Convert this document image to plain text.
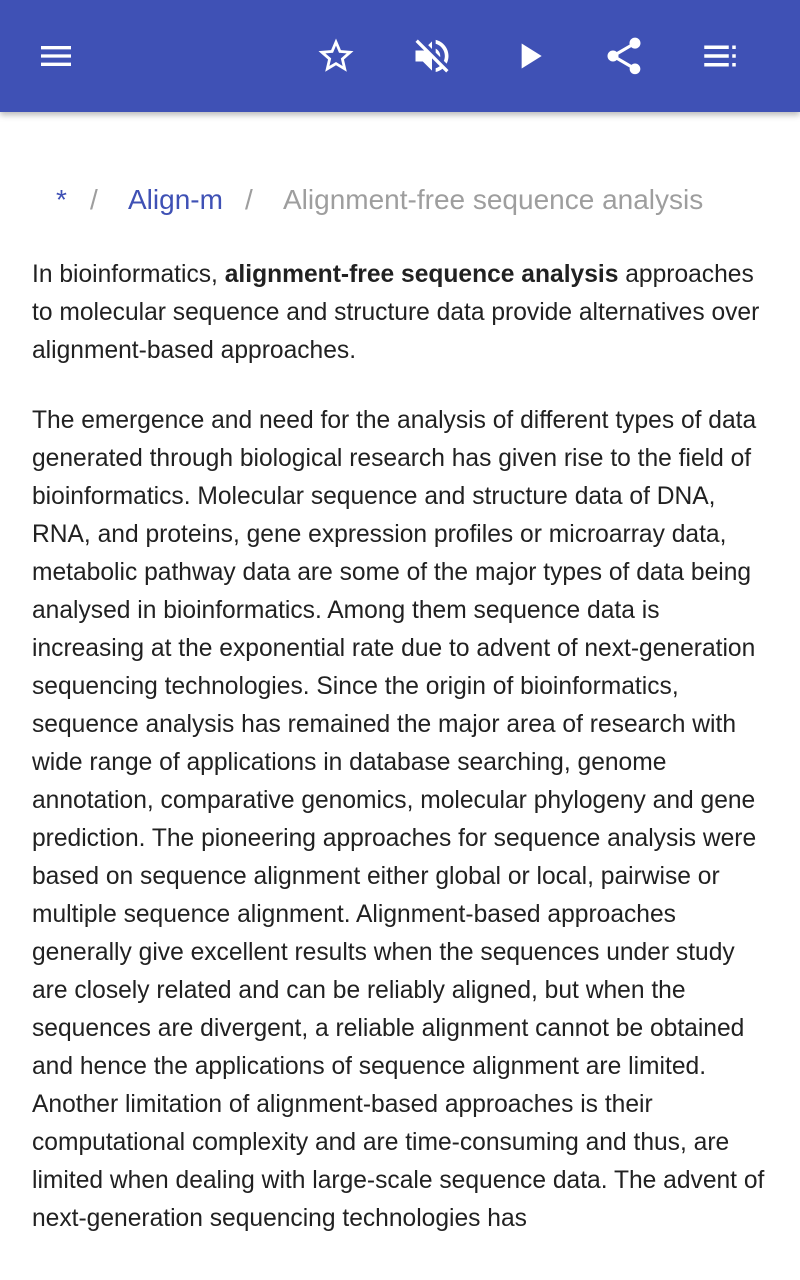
* / Align-m / Alignment-free sequence analysis

In bioinformatics, alignment-free sequence analysis approaches to molecular sequence and structure data provide alternatives over alignment-based approaches.

The emergence and need for the analysis of different types of data generated through biological research has given rise to the field of bioinformatics. Molecular sequence and structure data of DNA, RNA, and proteins, gene expression profiles or microarray data, metabolic pathway data are some of the major types of data being analysed in bioinformatics. Among them sequence data is increasing at the exponential rate due to advent of next-generation sequencing technologies. Since the origin of bioinformatics, sequence analysis has remained the major area of research with wide range of applications in database searching, genome annotation, comparative genomics, molecular phylogeny and gene prediction. The pioneering approaches for sequence analysis were based on sequence alignment either global or local, pairwise or multiple sequence alignment. Alignment-based approaches generally give excellent results when the sequences under study are closely related and can be reliably aligned, but when the sequences are divergent, a reliable alignment cannot be obtained and hence the applications of sequence alignment are limited. Another limitation of alignment-based approaches is their computational complexity and are time-consuming and thus, are limited when dealing with large-scale sequence data. The advent of next-generation sequencing technologies has
